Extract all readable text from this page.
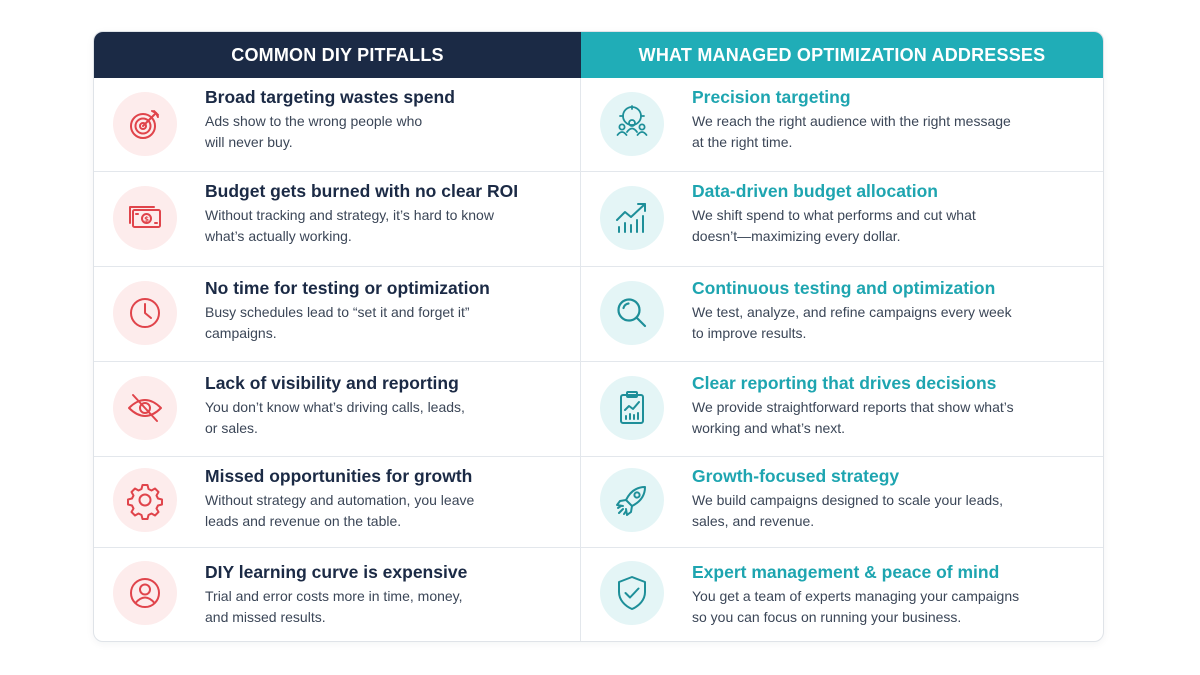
COMMON DIY PITFALLS	WHAT MANAGED OPTIMIZATION ADDRESSES
Broad targeting wastes spend
Ads show to the wrong people who
will never buy.
Precision targeting
We reach the right audience with the right message
at the right time.
$
Budget gets burned with no clear ROI
Without tracking and strategy, it’s hard to know
what’s actually working.
Data-driven budget allocation
We shift spend to what performs and cut what
doesn’t—maximizing every dollar.
No time for testing or optimization
Busy schedules lead to “set it and forget it”
campaigns.
Continuous testing and optimization
We test, analyze, and refine campaigns every week
to improve results.
Lack of visibility and reporting
You don’t know what’s driving calls, leads,
or sales.
Clear reporting that drives decisions
We provide straightforward reports that show what’s
working and what’s next.
Missed opportunities for growth
Without strategy and automation, you leave
leads and revenue on the table.
Growth-focused strategy
We build campaigns designed to scale your leads,
sales, and revenue.
DIY learning curve is expensive
Trial and error costs more in time, money,
and missed results.
Expert management & peace of mind
You get a team of experts managing your campaigns
so you can focus on running your business.
